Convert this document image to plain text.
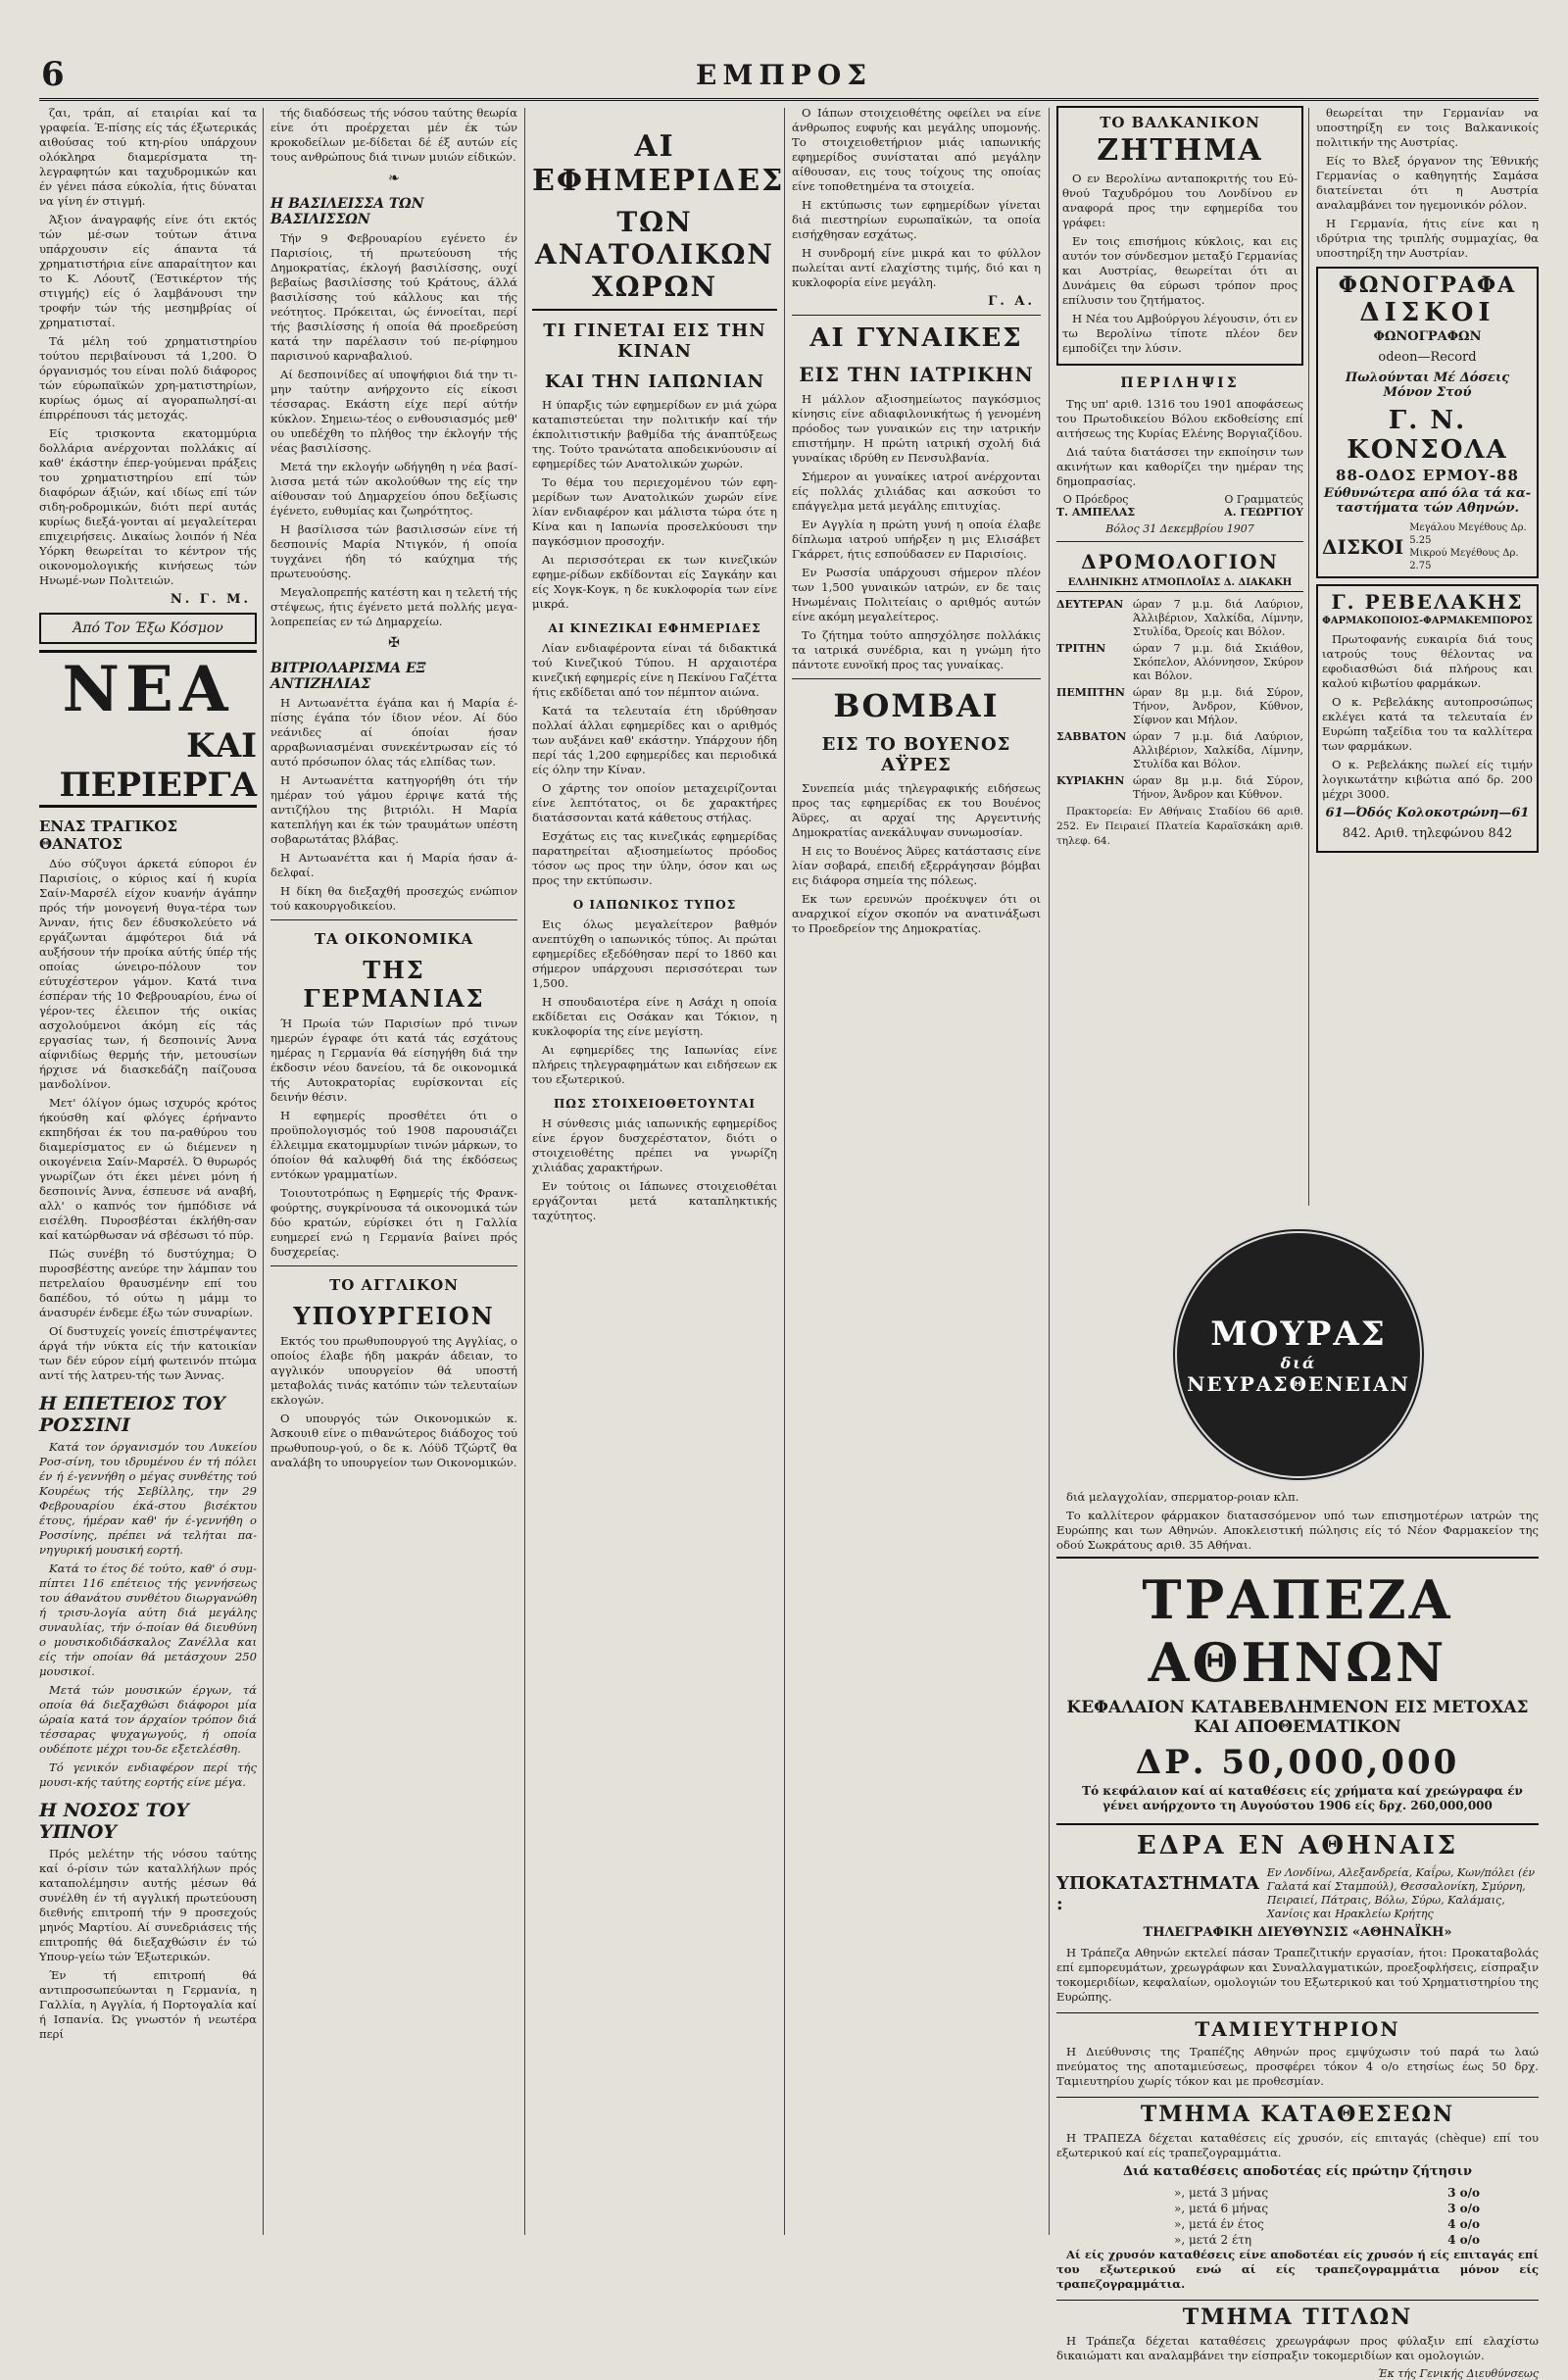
6	ΕΜΠΡΟΣ

ζαι, τράπ, αί εταιρίαι καί τα γραφεία. Έ-πίσης είς τάς έξωτερικάς αιθούσας τού κτη-ρίου υπάρχουν ολόκληρα διαμερίσματα τη-λεγραφητών και ταχυδρομικών και έν γένει πάσα εύκολία, ήτις δύναται να γίνη έν στιγμή.

Άξιον άναγραφής είνε ότι εκτός τών μέ-σων τούτων άτινα υπάρχουσιν είς άπαντα τά χρηματιστήρια είνε απαραίτητον και το Κ. Λόουτζ (Έστικέρτον τής στιγμής) είς ό λαμβάνουσι την τροφήν τών τής μεσημβρίας οί χρηματισταί.

Τά μέλη τού χρηματιστηρίου τούτου περιβαίνουσι τά 1,200. Ό όργανισμός του είναι πολύ διάφορος τών εύρωπαϊκών χρη-ματιστηρίων, κυρίως όμως αί αγοραπωλησί-αι έπιρρέπουσι τάς μετοχάς.

Είς τρισκοντα εκατομμύρια δολλάρια ανέρχονται πολλάκις αί καθ' έκάστην έπερ-γούμεναι πράξεις του χρηματιστηρίου επί τών διαφόρων άξιών, καί ιδίως επί τών σιδη-ροδρομικών, διότι περί αυτάς κυρίως διεξά-γονται αί μεγαλείτεραι επιχειρήσεις. Δικαίως λοιπόν ή Νέα Υόρκη θεωρείται το κέντρον τής οικονομολογικής κινήσεως τών Ηνωμέ-νων Πολιτειών.

Ν. Γ. Μ.
Άπό Τον Έξω Κόσμον
ΝΕΑ
ΚΑΙ ΠΕΡΙΕΡΓΑ
ΕΝΑΣ ΤΡΑΓΙΚΟΣ ΘΑΝΑΤΟΣ

Δύο σύζυγοι άρκετά εύποροι έν Παρισίοις, ο κύριος καί ή κυρία Σαίν-Μαρσέλ είχον κυανήν άγάπην πρός τήν μονογενή θυγα-τέρα των Άνναν, ήτις δεν έδυσκολεύετο νά εργάζωνται άμφότεροι διά νά αυξήσουν τήν προίκα αύτής ύπέρ τής οποίας ώνειρο-πόλουν τον εύτυχέστερον γάμον. Κατά τινα έσπέραν τής 10 Φεβρουαρίου, ένω οί γέρον-τες έλειπον τής οικίας ασχολούμενοι άκόμη είς τάς εργασίας των, ή δεσποινίς Άννα αίφνιδίως θερμής τήν, μετουσίων ήρχισε νά διασκεδάζη παίζουσα μανδολίνον.

Μετ' όλίγον όμως ισχυρός κρότος ήκούσθη καί φλόγες έρήναντο εκπηδήσαι έκ του πα-ραθύρου του διαμερίσματος εν ώ διέμενεν η οικογένεια Σαίν-Μαρσέλ. Ό θυρωρός γνωρίζων ότι έκει μένει μόνη ή δεσποινίς Άννα, έσπευσε νά αναβή, αλλ' ο καπνός τον ήμπόδισε νά εισέλθη. Πυροσβέσται έκλήθη-σαν καί κατώρθωσαν νά σβέσωσι τό πύρ.

Πώς συνέβη τό δυστύχημα; Ό πυροσβέστης ανεύρε την λάμπαν του πετρελαίου θραυσμένην επί του δαπέδου, τό ούτω η μάμμ το άνασυρέν ένδεμε έξω τών συναρίων.

Οί δυστυχείς γονείς έπιστρέψαντες άργά τήν νύκτα είς τήν κατοικίαν των δέν εύρον είμή φωτεινόν πτώμα αντί τής λατρευ-τής των Άννας.

Η ΕΠΕΤΕΙΟΣ ΤΟΥ ΡΟΣΣΙΝΙ

Κατά τον όργανισμόν του Λυκείου Ροσ-σίνη, του ιδρυμένου έν τή πόλει έν ή έ-γεννήθη ο μέγας συνθέτης τού Κουρέως τής Σεβίλλης, την 29 Φεβρουαρίου έκά-στου βισέκτου έτους, ήμέραν καθ' ήν έ-γεννήθη ο Ροσσίνης, πρέπει νά τελήται πα-νηγυρική μουσική εορτή.

Κατά το έτος δέ τούτο, καθ' ό συμ-πίπτει 116 επέτειος τής γεννήσεως του άθανάτου συνθέτου διωργανώθη ή τρισυ-λογία αύτη διά μεγάλης συναυλίας, τήν ό-ποίαν θά διευθύνη ο μουσικοδιδάσκαλος Ζανέλλα και είς τήν οποίαν θά μετάσχουν 250 μουσικοί.

Μετά τών μουσικών έργων, τά οποία θά διεξαχθώσι διάφοροι μία ώραία κατά τον άρχαίον τρόπον διά τέσσαρας ψυχαγωγούς, ή οποία ουδέποτε μέχρι του-δε εξετελέσθη.

Τό γενικόν ενδιαφέρον περί τής μουσι-κής ταύτης εορτής είνε μέγα.

Η ΝΟΣΟΣ ΤΟΥ ΥΠΝΟΥ

Πρός μελέτην τής νόσου ταύτης καί ό-ρίσιν τών καταλλήλων πρός καταπολέμησιν αυτής μέσων θά συνέλθη έν τή αγγλική πρωτεύουση διεθνής επιτροπή τήν 9 προσεχούς μηνός Μαρτίου. Αί συνεδριάσεις τής επιτροπής θά διεξαχθώσιν έν τώ Υπουρ-γείω τών Έξωτερικών.

Έν τή επιτροπή θά αντιπροσωπεύωνται η Γερμανία, η Γαλλία, η Αγγλία, ή Πορτογαλία καί ή Ισπανία. Ώς γνωστόν ή νεωτέρα περί

τής διαδόσεως τής νόσου ταύτης θεωρία είνε ότι προέρχεται μέν έκ τών κροκοδείλων με-δίδεται δέ έξ αυτών είς τους ανθρώπους διά τινων μυιών είδικών.

❧
Η ΒΑΣΙΛΕΙΣΣΑ ΤΩΝ ΒΑΣΙΛΙΣΣΩΝ

Τήν 9 Φεβρουαρίου εγένετο έν Παρισίοις, τή πρωτεύουση τής Δημοκρατίας, έκλογή βασιλίσσης, ουχί βεβαίως βασιλίσσης τού Κράτους, άλλά βασιλίσσης τού κάλλους και τής νεότητος. Πρόκειται, ώς έννοείται, περί τής βασιλίσσης ή οποία θά προεδρεύση κατά την παρέλασιν τού πε-ρίφημου παρισινού καρναβαλιού.

Αί δεσποινίδες αί υποψήφιοι διά την τι-μην ταύτην ανήρχοντο είς είκοσι τέσσαρας. Εκάστη είχε περί αύτήν κύκλον. Σημειω-τέος ο ενθουσιασμός μεθ' ου υπεδέχθη το πλήθος την έκλογήν τής νέας βασιλίσσης.

Μετά την εκλογήν ωδήγηθη η νέα βασί-λισσα μετά τών ακολούθων της είς την αίθουσαν τού Δημαρχείου όπου δεξίωσις έγένετο, ευθυμίας και ζωηρότητος.

Η βασίλισσα τών βασιλισσών είνε τή δεσποινίς Μαρία Ντιγκόν, ή οποία τυγχάνει ήδη τό καύχημα τής πρωτευούσης.

Μεγαλοπρεπής κατέστη και η τελετή τής στέψεως, ήτις έγένετο μετά πολλής μεγα-λοπρεπείας εν τώ Δημαρχείω.

✠
ΒΙΤΡΙΟΛΑΡΙΣΜΑ ΕΞ ΑΝΤΙΖΗΛΙΑΣ

Η Αντωανέττα έγάπα και ή Μαρία έ-πίσης έγάπα τόν ίδιον νέον. Αί δύο νεάνιδες αί όποίαι ήσαν αρραβωνιασμέναι συνεκέντρωσαν είς τό αυτό πρόσωπον όλας τάς ελπίδας των.

Η Αντωανέττα κατηγορήθη ότι τήν ημέραν τού γάμου έρριψε κατά τής αντιζήλου της βιτριόλι. Η Μαρία κατεπλήγη και έκ τών τραυμάτων υπέστη σοβαρωτάτας βλάβας.

Η Αντωανέττα και ή Μαρία ήσαν ά-δελφαί.

Η δίκη θα διεξαχθή προσεχώς ενώπιον τού κακουργοδικείου.

ΤΑ ΟΙΚΟΝΟΜΙΚΑ
ΤΗΣ ΓΕΡΜΑΝΙΑΣ

Ή Πρωία τών Παρισίων πρό τινων ημερών έγραφε ότι κατά τάς εσχάτους ημέρας η Γερμανία θά είσηγήθη διά την έκδοσιν νέου δανείου, τά δε οικονομικά τής Αυτοκρατορίας ευρίσκονται είς δεινήν θέσιν.

Η εφημερίς προσθέτει ότι ο προϋπολογισμός τού 1908 παρουσιάζει έλλειμμα εκατομμυρίων τινών μάρκων, το όποίον θά καλυφθή διά της έκδόσεως εντόκων γραμματίων.

Τοιουτοτρόπως η Εφημερίς τής Φρανκ-φούρτης, συγκρίνουσα τά οικονομικά τών δύο κρατών, εύρίσκει ότι η Γαλλία ευημερεί ενώ η Γερμανία βαίνει πρός δυσχερείας.

ΤΟ ΑΓΓΛΙΚΟΝ
ΥΠΟΥΡΓΕΙΟΝ

Εκτός του πρωθυπουργού της Αγγλίας, ο οποίος έλαβε ήδη μακράν άδειαν, το αγγλικόν υπουργείον θά υποστή μεταβολάς τινάς κατόπιν τών τελευταίων εκλογών.

Ο υπουργός τών Οικονομικών κ. Άσκουιθ είνε ο πιθανώτερος διάδοχος τού πρωθυπουρ-γού, ο δε κ. Λόϋδ Τζώρτζ θα αναλάβη το υπουργείον των Οικονομικών.

ΑΙ ΕΦΗΜΕΡΙΔΕΣ
ΤΩΝ ΑΝΑΤΟΛΙΚΩΝ ΧΩΡΩΝ
ΤΙ ΓΙΝΕΤΑΙ ΕΙΣ ΤΗΝ ΚΙΝΑΝ
ΚΑΙ ΤΗΝ ΙΑΠΩΝΙΑΝ

Η ύπαρξις τών εφημερίδων εν μιά χώρα καταπιστεύεται την πολιτικήν καί τήν έκπολιτιστικήν βαθμίδα τής άναπτύξεως της. Τούτο τρανώτατα αποδεικνύουσιν αί εφημερίδες τών Ανατολικών χωρών.

Το θέμα του περιεχομένου τών εφη-μερίδων των Ανατολικών χωρών είνε λίαν ενδιαφέρον και μάλιστα τώρα ότε η Κίνα και η Ιαπωνία προσελκύουσι την παγκόσμιον προσοχήν.

Αι περισσότεραι εκ των κινεζικών εφημε-ρίδων εκδίδονται είς Σαγκάην και είς Χογκ-Κογκ, η δε κυκλοφορία των είνε μικρά.

ΑΙ ΚΙΝΕΖΙΚΑΙ ΕΦΗΜΕΡΙΔΕΣ

Λίαν ενδιαφέροντα είναι τά διδακτικά τού Κινεζικού Τύπου. Η αρχαιοτέρα κινεζική εφημερίς είνε η Πεκίνου Γαζέττα ήτις εκδίδεται από τον πέμπτον αιώνα.

Κατά τα τελευταία έτη ιδρύθησαν πολλαί άλλαι εφημερίδες και ο αριθμός των αυξάνει καθ' εκάστην. Υπάρχουν ήδη περί τάς 1,200 εφημερίδες και περιοδικά είς όλην την Κίναν.

Ο χάρτης τον οποίον μεταχειρίζονται είνε λεπτότατος, οι δε χαρακτήρες διατάσσονται κατά κάθετους στήλας.

Εσχάτως εις τας κινεζικάς εφημερίδας παρατηρείται αξιοσημείωτος πρόοδος τόσον ως προς την ύλην, όσον και ως προς την εκτύπωσιν.

Ο ΙΑΠΩΝΙΚΟΣ ΤΥΠΟΣ

Εις όλως μεγαλείτερον βαθμόν ανεπτύχθη ο ιαπωνικός τύπος. Αι πρώται εφημερίδες εξεδόθησαν περί το 1860 και σήμερον υπάρχουσι περισσότεραι των 1,500.

Η σπουδαιοτέρα είνε η Ασάχι η οποία εκδίδεται εις Οσάκαν και Τόκιον, η κυκλοφορία της είνε μεγίστη.

Αι εφημερίδες της Ιαπωνίας είνε πλήρεις τηλεγραφημάτων και ειδήσεων εκ του εξωτερικού.

ΠΩΣ ΣΤΟΙΧΕΙΟΘΕΤΟΥΝΤΑΙ

Η σύνθεσις μιάς ιαπωνικής εφημερίδος είνε έργον δυσχερέστατον, διότι ο στοιχειοθέτης πρέπει να γνωρίζη χιλιάδας χαρακτήρων.

Εν τούτοις οι Ιάπωνες στοιχειοθέται εργάζονται μετά καταπληκτικής ταχύτητος.

Ο Ιάπων στοιχειοθέτης οφείλει να είνε άνθρωπος ευφυής και μεγάλης υπομονής. Το στοιχειοθετήριον μιάς ιαπωνικής εφημερίδος συνίσταται από μεγάλην αίθουσαν, εις τους τοίχους της οποίας είνε τοποθετημένα τα στοιχεία.

Η εκτύπωσις των εφημερίδων γίνεται διά πιεστηρίων ευρωπαϊκών, τα οποία εισήχθησαν εσχάτως.

Η συνδρομή είνε μικρά και το φύλλον πωλείται αντί ελαχίστης τιμής, διό και η κυκλοφορία είνε μεγάλη.

Γ. Α.
ΑΙ ΓΥΝΑΙΚΕΣ
ΕΙΣ ΤΗΝ ΙΑΤΡΙΚΗΝ

Η μάλλον αξιοσημείωτος παγκόσμιος κίνησις είνε αδιαφιλονικήτως ή γενομένη πρόοδος των γυναικών εις την ιατρικήν επιστήμην. Η πρώτη ιατρική σχολή διά γυναίκας ιδρύθη εν Πενσυλβανία.

Σήμερον αι γυναίκες ιατροί ανέρχονται είς πολλάς χιλιάδας και ασκούσι το επάγγελμα μετά μεγάλης επιτυχίας.

Εν Αγγλία η πρώτη γυνή η οποία έλαβε δίπλωμα ιατρού υπήρξεν η μις Ελισάβετ Γκάρρετ, ήτις εσπούδασεν εν Παρισίοις.

Εν Ρωσσία υπάρχουσι σήμερον πλέον των 1,500 γυναικών ιατρών, εν δε ταις Ηνωμέναις Πολιτείαις ο αριθμός αυτών είνε ακόμη μεγαλείτερος.

Το ζήτημα τούτο απησχόλησε πολλάκις τα ιατρικά συνέδρια, και η γνώμη ήτο πάντοτε ευνοϊκή προς τας γυναίκας.

ΒΟΜΒΑΙ
ΕΙΣ ΤΟ ΒΟΥΕΝΟΣ ΑΫΡΕΣ

Συνεπεία μιάς τηλεγραφικής ειδήσεως προς τας εφημερίδας εκ του Βουένος Άϋρες, αι αρχαί της Αργεντινής Δημοκρατίας ανεκάλυψαν συνωμοσίαν.

Η εις το Βουένος Άϋρες κατάστασις είνε λίαν σοβαρά, επειδή εξερράγησαν βόμβαι εις διάφορα σημεία της πόλεως.

Εκ των ερευνών προέκυψεν ότι οι αναρχικοί είχον σκοπόν να ανατινάξωσι το Προεδρείον της Δημοκρατίας.

ΤΟ ΒΑΛΚΑΝΙΚΟΝ
ΖΗΤΗΜΑ

Ο εν Βερολίνω ανταποκριτής του Εύ-θνού Ταχυδρόμου του Λονδίνου εν αναφορά προς την εφημερίδα του γράφει:

Εν τοις επισήμοις κύκλοις, και εις αυτόν τον σύνδεσμον μεταξύ Γερμανίας και Αυστρίας, θεωρείται ότι αι Δυνάμεις θα εύρωσι τρόπον προς επίλυσιν του ζητήματος.

Η Νέα του Αμβούργου λέγουσιν, ότι εν τω Βερολίνω τίποτε πλέον δεν εμποδίζει την λύσιν.

ΠΕΡΙΛΗΨΙΣ

Της υπ' αριθ. 1316 του 1901 αποφάσεως του Πρωτοδικείου Βόλου εκδοθείσης επί αιτήσεως της Κυρίας Ελένης Βοργιαζίδου.

Διά ταύτα διατάσσει την εκποίησιν των ακινήτων και καθορίζει την ημέραν της δημοπρασίας.

Ο Πρόεδρος
Τ. ΑΜΠΕΛΑΣ
Ο Γραμματεύς
Α. ΓΕΩΡΓΙΟΥ
Βόλος 31 Δεκεμβρίου 1907
ΔΡΟΜΟΛΟΓΙΟΝ
ΕΛΛΗΝΙΚΗΣ ΑΤΜΟΠΛΟΪΑΣ Δ. ΔΙΑΚΑΚΗ
ΔΕΥΤΕΡΑΝ ώραν 7 μ.μ. διά Λαύριον, Άλλιβέριον, Χαλκίδα, Λίμνην, Στυλίδα, Όρεοίς και Βόλον.
ΤΡΙΤΗΝ	ώραν 7 μ.μ. διά Σκιάθον, Σκόπελον, Αλόννησον, Σκύρον και Βόλον.
ΠΕΜΠΤΗΝ ώραν 8μ μ.μ. διά Σύρον, Τήνον, Άνδρον, Κύθνον, Σίφνον και Μήλον.
ΣΑΒΒΑΤΟΝ ώραν 7 μ.μ. διά Λαύριον, Αλλιβέριον, Χαλκίδα, Λίμνην, Στυλίδα και Βόλον.
ΚΥΡΙΑΚΗΝ ώραν 8μ μ.μ. διά Σύρον, Τήνον, Άνδρον και Κύθνον.

Πρακτορεία: Εν Αθήναις Σταδίου 66 αριθ. 252. Εν Πειραιεί Πλατεία Καραϊσκάκη αριθ. τηλεφ. 64.

θεωρείται την Γερμανίαν να υποστηρίξη εν τοις Βαλκανικοίς πολιτικήν της Αυστρίας.

Είς το Βλεξ όργανον της Έθνικής Γερμανίας ο καθηγητής Σαμάσα διατείνεται ότι η Αυστρία αναλαμβάνει τον ηγεμονικόν ρόλον.

Η Γερμανία, ήτις είνε και η ιδρύτρια της τριπλής συμμαχίας, θα υποστηρίξη την Αυστρίαν.

ΦΩΝΟΓΡΑΦΑ
ΔΙΣΚΟΙ
ΦΩΝΟΓΡΑΦΩΝ
odeon—Record
Πωλούνται Μέ Δόσεις Μόνον Στού
Γ. Ν. ΚΟΝΣΟΛΑ
88-ΟΔΟΣ ΕΡΜΟΥ-88
Εύθυνώτερα από όλα τά κα-ταστήματα τών Αθηνών.
ΔΙΣΚΟΙ
Μεγάλου Μεγέθους Δρ. 5.25
Μικρού Μεγέθους Δρ. 2.75
Γ. ΡΕΒΕΛΑΚΗΣ
ΦΑΡΜΑΚΟΠΟΙΟΣ-ΦΑΡΜΑΚΕΜΠΟΡΟΣ

Πρωτοφανής ευκαιρία διά τους ιατρούς τους θέλοντας να εφοδιασθώσι διά πλήρους και καλού κιβωτίου φαρμάκων.

Ο κ. Ρεβελάκης αυτοπροσώπως εκλέγει κατά τα τελευταία έν Ευρώπη ταξείδια του τα καλλίτερα των φαρμάκων.

Ο κ. Ρεβελάκης πωλεί είς τιμήν λογικωτάτην κιβώτια από δρ. 200 μέχρι 3000.

61—Όδός Κολοκοτρώνη—61
842. Αριθ. τηλεφώνου 842
ΜΟΥΡΑΣ
διά
ΝΕΥΡΑΣΘΕΝΕΙΑΝ

διά μελαγχολίαν, σπερματορ-ροιαν κλπ.

Το καλλίτερον φάρμακον διατασσόμενον υπό των επισημοτέρων ιατρών της Ευρώπης και των Αθηνών. Αποκλειστική πώλησις είς τό Νέον Φαρμακείον της οδού Σωκράτους αριθ. 35 Αθήναι.

ΤΡΑΠΕΖΑ ΑΘΗΝΩΝ
ΚΕΦΑΛΑΙΟΝ ΚΑΤΑΒΕΒΛΗΜΕΝΟΝ ΕΙΣ ΜΕΤΟΧΑΣ ΚΑΙ ΑΠΟΘΕΜΑΤΙΚΟΝ
ΔΡ. 50,000,000

Τό κεφάλαιον καί αί καταθέσεις είς χρήματα καί χρεώγραφα έν γένει ανήρχοντο τη Αυγούστου 1906 είς δρχ. 260,000,000

ΕΔΡΑ ΕΝ ΑΘΗΝΑΙΣ
ΥΠΟΚΑΤΑΣΤΗΜΑΤΑ :
Εν Λονδίνω, Αλεξανδρεία, Καΐρω, Κων/πόλει (έν Γαλατά καί Σταμπούλ), Θεσσαλονίκη, Σμύρνη, Πειραιεί, Πάτραις, Βόλω, Σύρω, Καλάμαις, Χανίοις και Ηρακλείω Κρήτης
ΤΗΛΕΓΡΑΦΙΚΗ ΔΙΕΥΘΥΝΣΙΣ «ΑΘΗΝΑΪΚΗ»

Η Τράπεζα Αθηνών εκτελεί πάσαν Τραπεζιτικήν εργασίαν, ήτοι: Προκαταβολάς επί εμπορευμάτων, χρεωγράφων και Συναλλαγματικών, προεξοφλήσεις, είσπραξιν τοκομεριδίων, κεφαλαίων, ομολογιών του Εξωτερικού και τού Χρηματιστηρίου της Ευρώπης.

ΤΑΜΙΕΥΤΗΡΙΟΝ

Η Διεύθυνσις της Τραπέζης Αθηνών προς εμψύχωσιν τού παρά τω λαώ πνεύματος της αποταμιεύσεως, προσφέρει τόκον 4 ο/ο ετησίως έως 50 δρχ. Ταμιευτηρίου χωρίς τόκον και με προθεσμίαν.

ΤΜΗΜΑ ΚΑΤΑΘΕΣΕΩΝ

Η ΤΡΑΠΕΖΑ δέχεται καταθέσεις είς χρυσόν, είς επιταγάς (chèque) επί του εξωτερικού καί είς τραπεζογραμμάτια.

Διά καταθέσεις αποδοτέας είς πρώτην ζήτησιν
», μετά 3 μήνας	3 ο/ο
», μετά 6 μήνας	3 ο/ο
», μετά έν έτος	4 ο/ο
», μετά 2 έτη	4 ο/ο

Αί είς χρυσόν καταθέσεις είνε αποδοτέαι είς χρυσόν ή είς επιταγάς επί του εξωτερικού ενώ αί είς τραπεζογραμμάτια μόνον είς τραπεζογραμμάτια.

ΤΜΗΜΑ ΤΙΤΛΩΝ

Η Τράπεζα δέχεται καταθέσεις χρεωγράφων προς φύλαξιν επί ελαχίστω δικαιώματι και αναλαμβάνει την είσπραξιν τοκομεριδίων και ομολογιών.

Έκ τής Γενικής Διευθύνσεως
